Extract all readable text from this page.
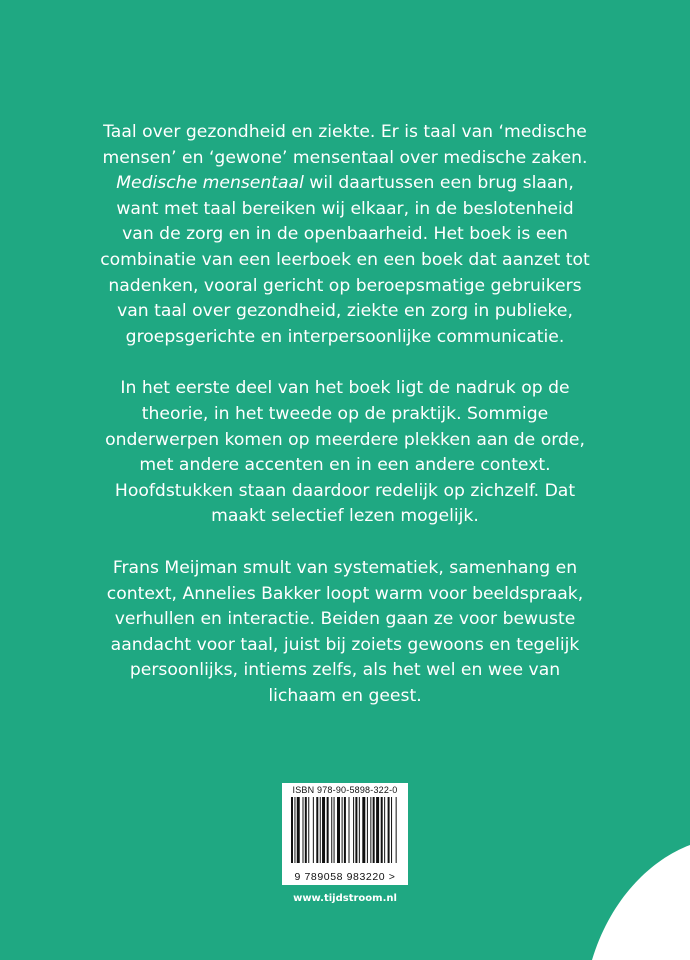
Taal over gezondheid en ziekte. Er is taal van ‘medische mensen’ en ‘gewone’ mensentaal over medische zaken. Medische mensentaal wil daartussen een brug slaan, want met taal bereiken wij elkaar, in de beslotenheid van de zorg en in de openbaarheid. Het boek is een combinatie van een leerboek en een boek dat aanzet tot nadenken, vooral gericht op beroepsmatige gebruikers van taal over gezondheid, ziekte en zorg in publieke, groepsgerichte en interpersoonlijke communicatie.

In het eerste deel van het boek ligt de nadruk op de theorie, in het tweede op de praktijk. Sommige onderwerpen komen op meerdere plekken aan de orde, met andere accenten en in een andere context. Hoofdstukken staan daardoor redelijk op zichzelf. Dat maakt selectief lezen mogelijk.

Frans Meijman smult van systematiek, samenhang en context, Annelies Bakker loopt warm voor beeldspraak, verhullen en interactie. Beiden gaan ze voor bewuste aandacht voor taal, juist bij zoiets gewoons en tegelijk persoonlijks, intiems zelfs, als het wel en wee van lichaam en geest.

ISBN 978-90-5898-322-0
9 789058 983220 >
www.tijdstroom.nl
